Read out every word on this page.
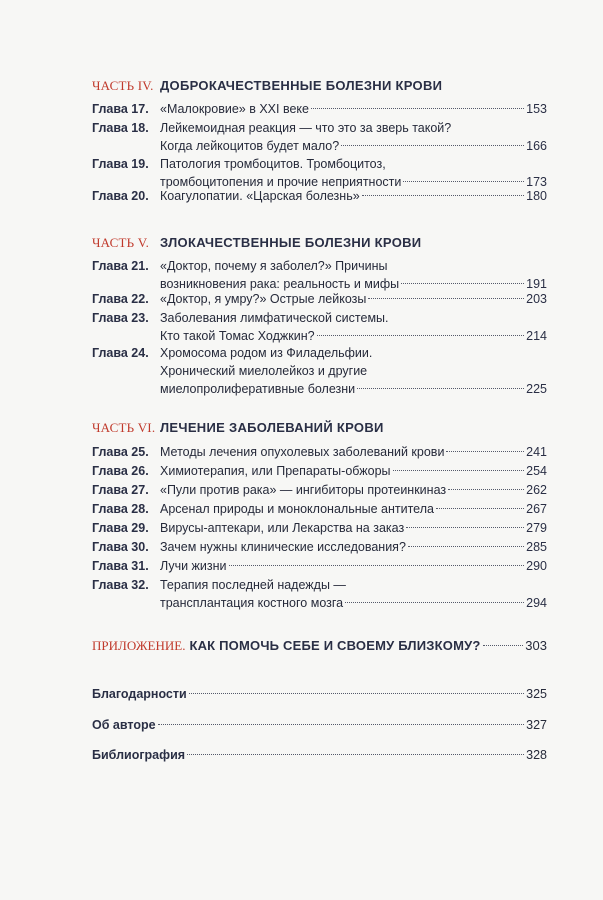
ЧАСТЬ IV. ДОБРОКАЧЕСТВЕННЫЕ БОЛЕЗНИ КРОВИ
Глава 17. «Малокровие» в XXI веке	153
Глава 18. Лейкемоидная реакция — что это за зверь такой?
Когда лейкоцитов будет мало?	166
Глава 19. Патология тромбоцитов. Тромбоцитоз,
тромбоцитопения и прочие неприятности	173
Глава 20. Коагулопатии. «Царская болезнь»	180
ЧАСТЬ V. ЗЛОКАЧЕСТВЕННЫЕ БОЛЕЗНИ КРОВИ
Глава 21. «Доктор, почему я заболел?» Причины
возникновения рака: реальность и мифы	191
Глава 22. «Доктор, я умру?» Острые лейкозы	203
Глава 23. Заболевания лимфатической системы.
Кто такой Томас Ходжкин?	214
Глава 24. Хромосома родом из Филадельфии.
Хронический миелолейкоз и другие
миелопролиферативные болезни	225
ЧАСТЬ VI. ЛЕЧЕНИЕ ЗАБОЛЕВАНИЙ КРОВИ
Глава 25. Методы лечения опухолевых заболеваний крови	241
Глава 26. Химиотерапия, или Препараты-обжоры	254
Глава 27. «Пули против рака» — ингибиторы протеинкиназ	262
Глава 28. Арсенал природы и моноклональные антитела	267
Глава 29. Вирусы-аптекари, или Лекарства на заказ	279
Глава 30. Зачем нужны клинические исследования?	285
Глава 31. Лучи жизни	290
Глава 32. Терапия последней надежды —
трансплантация костного мозга	294
ПРИЛОЖЕНИЕ. КАК ПОМОЧЬ СЕБЕ И СВОЕМУ БЛИЗКОМУ?	303
Благодарности	325
Об авторе	327
Библиография	328
